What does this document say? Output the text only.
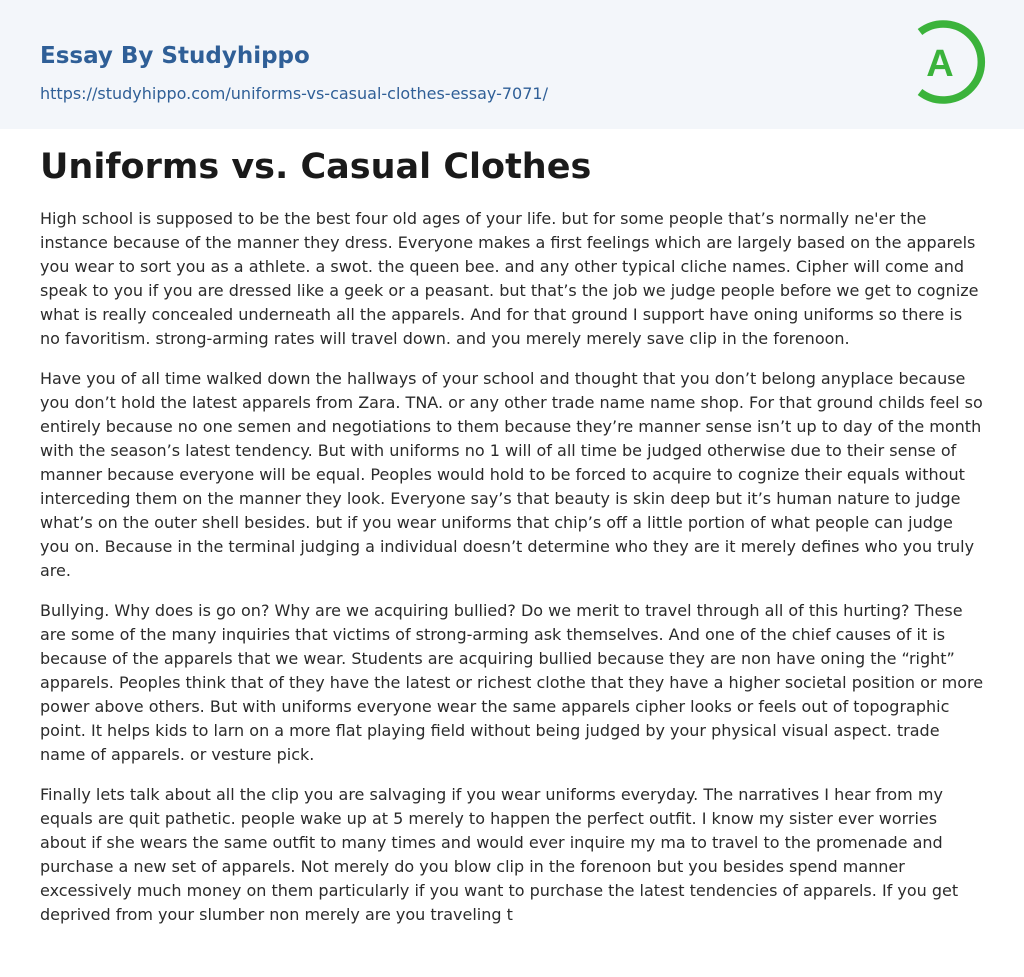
Essay By Studyhippo
https://studyhippo.com/uniforms-vs-casual-clothes-essay-7071/
A
Uniforms vs. Casual Clothes

High school is supposed to be the best four old ages of your life. but for some people that’s normally ne'er the instance because of the manner they dress. Everyone makes a first feelings which are largely based on the apparels you wear to sort you as a athlete. a swot. the queen bee. and any other typical cliche names. Cipher will come and speak to you if you are dressed like a geek or a peasant. but that’s the job we judge people before we get to cognize what is really concealed underneath all the apparels. And for that ground I support have oning uniforms so there is no favoritism. strong-arming rates will travel down. and you merely merely save clip in the forenoon.

Have you of all time walked down the hallways of your school and thought that you don’t belong anyplace because you don’t hold the latest apparels from Zara. TNA. or any other trade name name shop. For that ground childs feel so entirely because no one semen and negotiations to them because they’re manner sense isn’t up to day of the month with the season’s latest tendency. But with uniforms no 1 will of all time be judged otherwise due to their sense of manner because everyone will be equal. Peoples would hold to be forced to acquire to cognize their equals without interceding them on the manner they look. Everyone say’s that beauty is skin deep but it’s human nature to judge what’s on the outer shell besides. but if you wear uniforms that chip’s off a little portion of what people can judge you on. Because in the terminal judging a individual doesn’t determine who they are it merely defines who you truly are.

Bullying. Why does is go on? Why are we acquiring bullied? Do we merit to travel through all of this hurting? These are some of the many inquiries that victims of strong-arming ask themselves. And one of the chief causes of it is because of the apparels that we wear. Students are acquiring bullied because they are non have oning the “right” apparels. Peoples think that of they have the latest or richest clothe that they have a higher societal position or more power above others. But with uniforms everyone wear the same apparels cipher looks or feels out of topographic point. It helps kids to larn on a more flat playing field without being judged by your physical visual aspect. trade name of apparels. or vesture pick.

Finally lets talk about all the clip you are salvaging if you wear uniforms everyday. The narratives I hear from my equals are quit pathetic. people wake up at 5 merely to happen the perfect outfit. I know my sister ever worries about if she wears the same outfit to many times and would ever inquire my ma to travel to the promenade and purchase a new set of apparels. Not merely do you blow clip in the forenoon but you besides spend manner excessively much money on them particularly if you want to purchase the latest tendencies of apparels. If you get deprived from your slumber non merely are you traveling t
